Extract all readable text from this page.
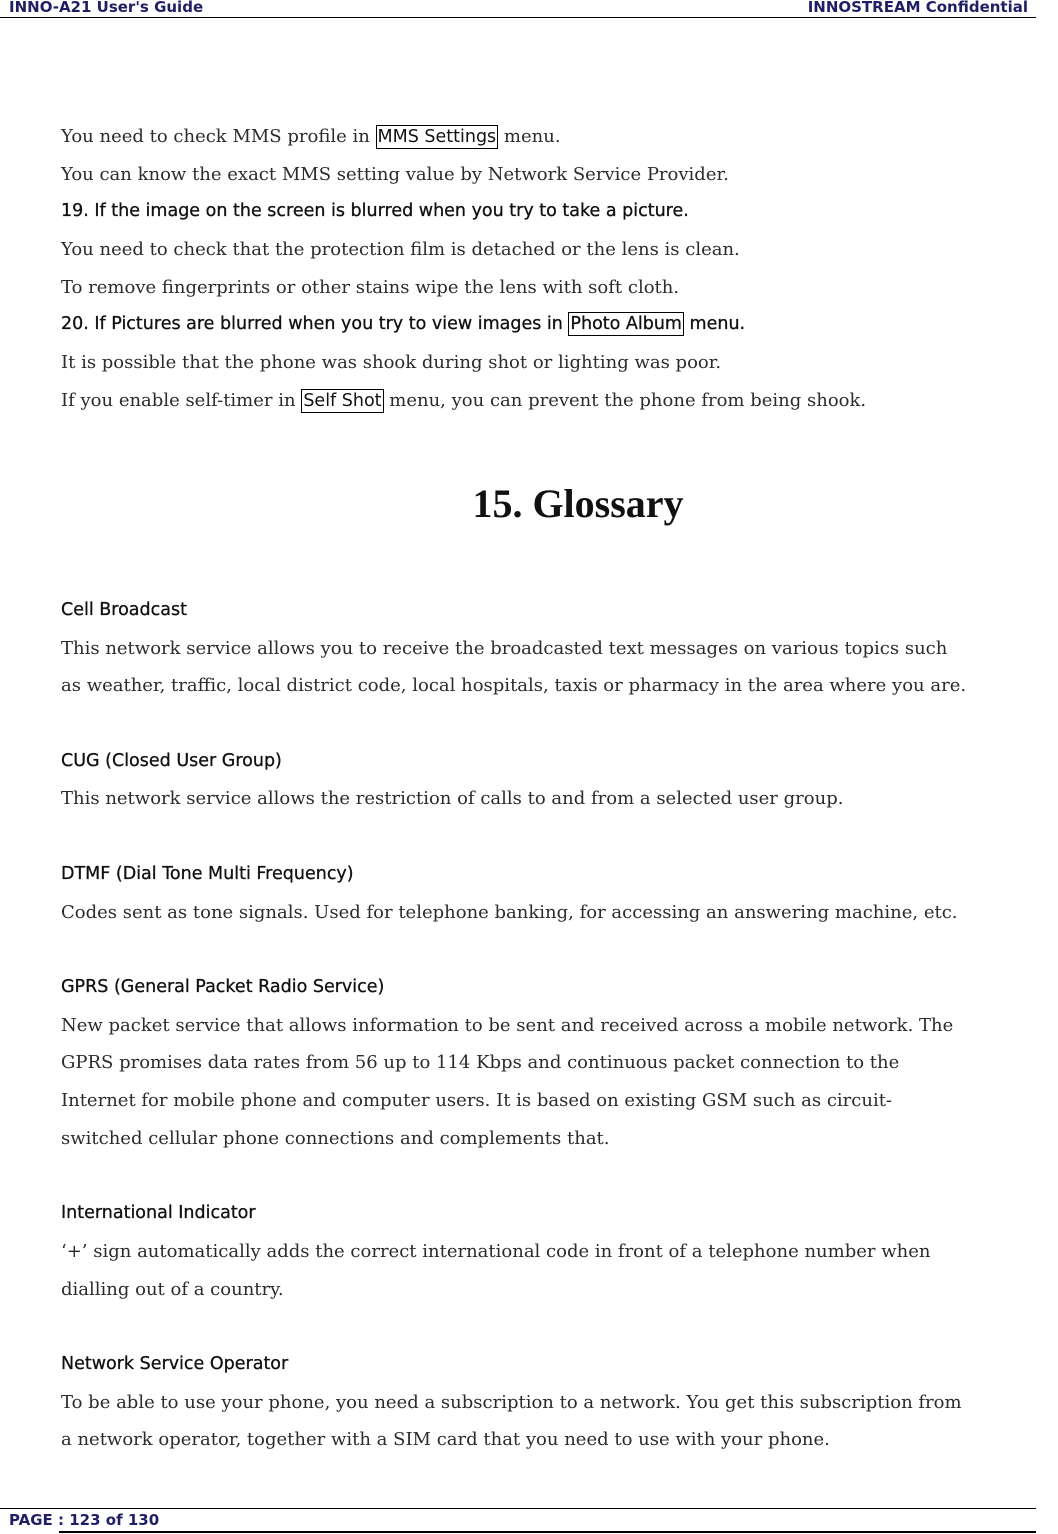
INNO-A21 User's Guide	INNOSTREAM Confidential
You need to check MMS profile in MMS Settings menu.
You can know the exact MMS setting value by Network Service Provider.
19. If the image on the screen is blurred when you try to take a picture.
You need to check that the protection film is detached or the lens is clean.
To remove fingerprints or other stains wipe the lens with soft cloth.
20. If Pictures are blurred when you try to view images in Photo Album menu.
It is possible that the phone was shook during shot or lighting was poor.
If you enable self-timer in Self Shot menu, you can prevent the phone from being shook.
15. Glossary
Cell Broadcast
This network service allows you to receive the broadcasted text messages on various topics such
as weather, traffic, local district code, local hospitals, taxis or pharmacy in the area where you are.
CUG (Closed User Group)
This network service allows the restriction of calls to and from a selected user group.
DTMF (Dial Tone Multi Frequency)
Codes sent as tone signals. Used for telephone banking, for accessing an answering machine, etc.
GPRS (General Packet Radio Service)
New packet service that allows information to be sent and received across a mobile network. The
GPRS promises data rates from 56 up to 114 Kbps and continuous packet connection to the
Internet for mobile phone and computer users. It is based on existing GSM such as circuit-
switched cellular phone connections and complements that.
International Indicator
‘+’ sign automatically adds the correct international code in front of a telephone number when
dialling out of a country.
Network Service Operator
To be able to use your phone, you need a subscription to a network. You get this subscription from
a network operator, together with a SIM card that you need to use with your phone.
PAGE : 123 of 130
